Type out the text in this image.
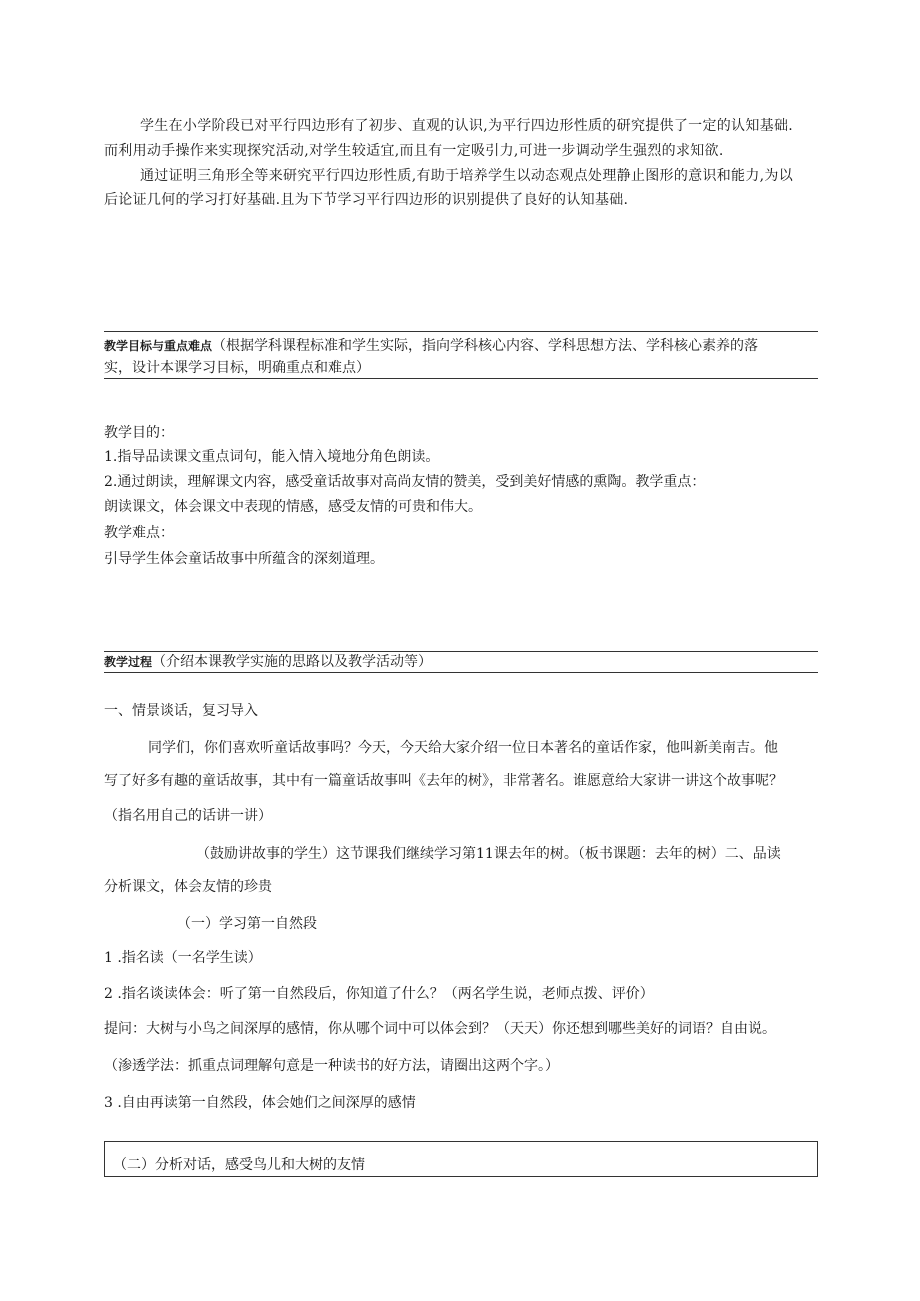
学生在小学阶段已对平行四边形有了初步、直观的认识,为平行四边形性质的研究提供了一定的认知基础.
而利用动手操作来实现探究活动,对学生较适宜,而且有一定吸引力,可进一步调动学生强烈的求知欲.
通过证明三角形全等来研究平行四边形性质,有助于培养学生以动态观点处理静止图形的意识和能力,为以
后论证几何的学习打好基础.且为下节学习平行四边形的识别提供了良好的认知基础.
教学目标与重点难点（根据学科课程标准和学生实际，指向学科核心内容、学科思想方法、学科核心素养的落
实，设计本课学习目标，明确重点和难点）
教学目的：
1.指导品读课文重点词句，能入情入境地分角色朗读。
2.通过朗读，理解课文内容，感受童话故事对高尚友情的赞美，受到美好情感的熏陶。教学重点：
朗读课文，体会课文中表现的情感，感受友情的可贵和伟大。
教学难点：
引导学生体会童话故事中所蕴含的深刻道理。
教学过程（介绍本课教学实施的思路以及教学活动等）
一、情景谈话，复习导入
同学们，你们喜欢听童话故事吗？今天，今天给大家介绍一位日本著名的童话作家，他叫新美南吉。他
写了好多有趣的童话故事，其中有一篇童话故事叫《去年的树》，非常著名。谁愿意给大家讲一讲这个故事呢？
（指名用自己的话讲一讲）
（鼓励讲故事的学生）这节课我们继续学习第11课去年的树。（板书课题：去年的树）二、品读
分析课文，体会友情的珍贵
（一）学习第一自然段
1 .指名读（一名学生读）
2 .指名谈读体会：听了第一自然段后，你知道了什么？（两名学生说，老师点拨、评价）
提问：大树与小鸟之间深厚的感情，你从哪个词中可以体会到？（天天）你还想到哪些美好的词语？自由说。
（渗透学法：抓重点词理解句意是一种读书的好方法，请圈出这两个字。）
3 .自由再读第一自然段，体会她们之间深厚的感情
（二）分析对话，感受鸟儿和大树的友情
